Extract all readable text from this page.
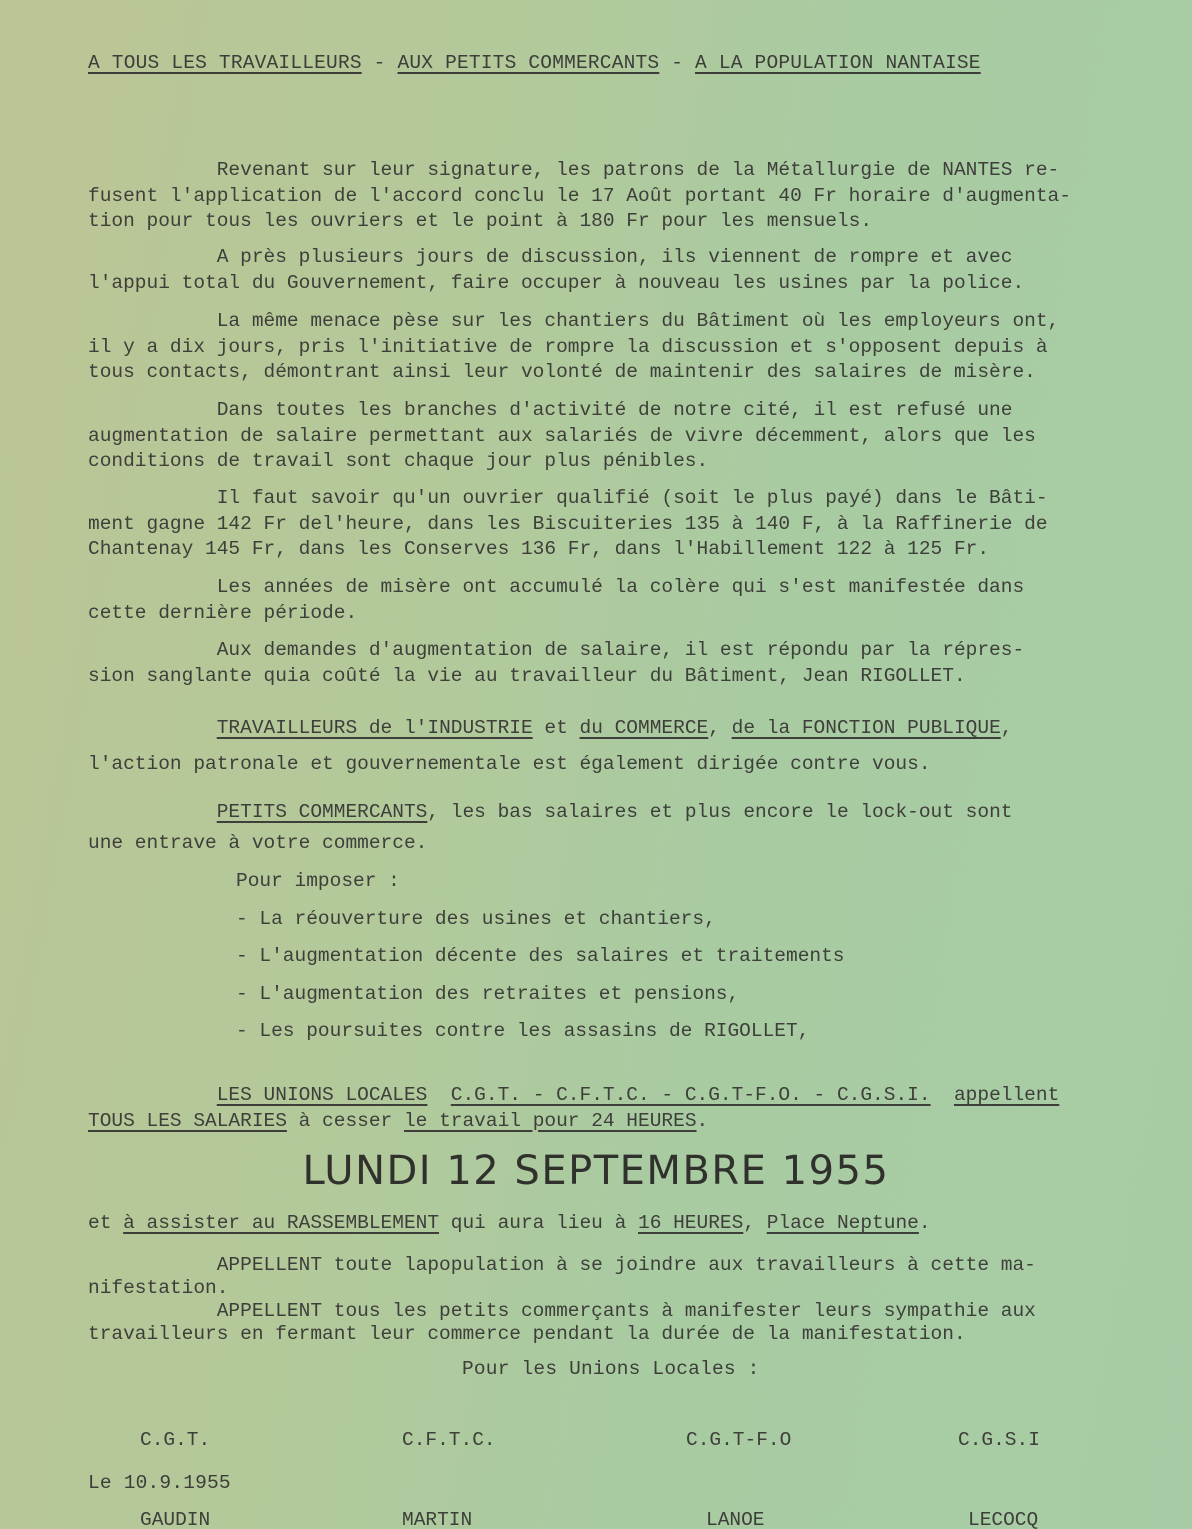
A TOUS LES TRAVAILLEURS - AUX PETITS COMMERCANTS - A LA POPULATION NANTAISE
Revenant sur leur signature, les patrons de la Métallurgie de NANTES re-
fusent l'application de l'accord conclu le 17 Août portant 40 Fr horaire d'augmenta-
tion pour tous les ouvriers et le point à 180 Fr pour les mensuels.
A près plusieurs jours de discussion, ils viennent de rompre et avec
l'appui total du Gouvernement, faire occuper à nouveau les usines par la police.
La même menace pèse sur les chantiers du Bâtiment où les employeurs ont,
il y a dix jours, pris l'initiative de rompre la discussion et s'opposent depuis à
tous contacts, démontrant ainsi leur volonté de maintenir des salaires de misère.
Dans toutes les branches d'activité de notre cité, il est refusé une
augmentation de salaire permettant aux salariés de vivre décemment, alors que les
conditions de travail sont chaque jour plus pénibles.
Il faut savoir qu'un ouvrier qualifié (soit le plus payé) dans le Bâti-
ment gagne 142 Fr del'heure, dans les Biscuiteries 135 à 140 F, à la Raffinerie de
Chantenay 145 Fr, dans les Conserves 136 Fr, dans l'Habillement 122 à 125 Fr.
Les années de misère ont accumulé la colère qui s'est manifestée dans
cette dernière période.
Aux demandes d'augmentation de salaire, il est répondu par la répres-
sion sanglante quia coûté la vie au travailleur du Bâtiment, Jean RIGOLLET.
TRAVAILLEURS de l'INDUSTRIE et du COMMERCE, de la FONCTION PUBLIQUE,
l'action patronale et gouvernementale est également dirigée contre vous.
PETITS COMMERCANTS, les bas salaires et plus encore le lock-out sont
une entrave à votre commerce.
Pour imposer :
- La réouverture des usines et chantiers,
- L'augmentation décente des salaires et traitements
- L'augmentation des retraites et pensions,
- Les poursuites contre les assasins de RIGOLLET,
LES UNIONS LOCALES C.G.T. - C.F.T.C. - C.G.T-F.O. - C.G.S.I. appellent
TOUS LES SALARIES à cesser le travail pour 24 HEURES.
LUNDI 12 SEPTEMBRE 1955
et à assister au RASSEMBLEMENT qui aura lieu à 16 HEURES, Place Neptune.
APPELLENT toute lapopulation à se joindre aux travailleurs à cette ma-
nifestation.
APPELLENT tous les petits commerçants à manifester leurs sympathie aux
travailleurs en fermant leur commerce pendant la durée de la manifestation.
Pour les Unions Locales :

C.G.T.

GAUDIN

C.F.T.C.

MARTIN

C.G.T-F.O

LANOE

C.G.S.I

LECOCQ

Le 10.9.1955
